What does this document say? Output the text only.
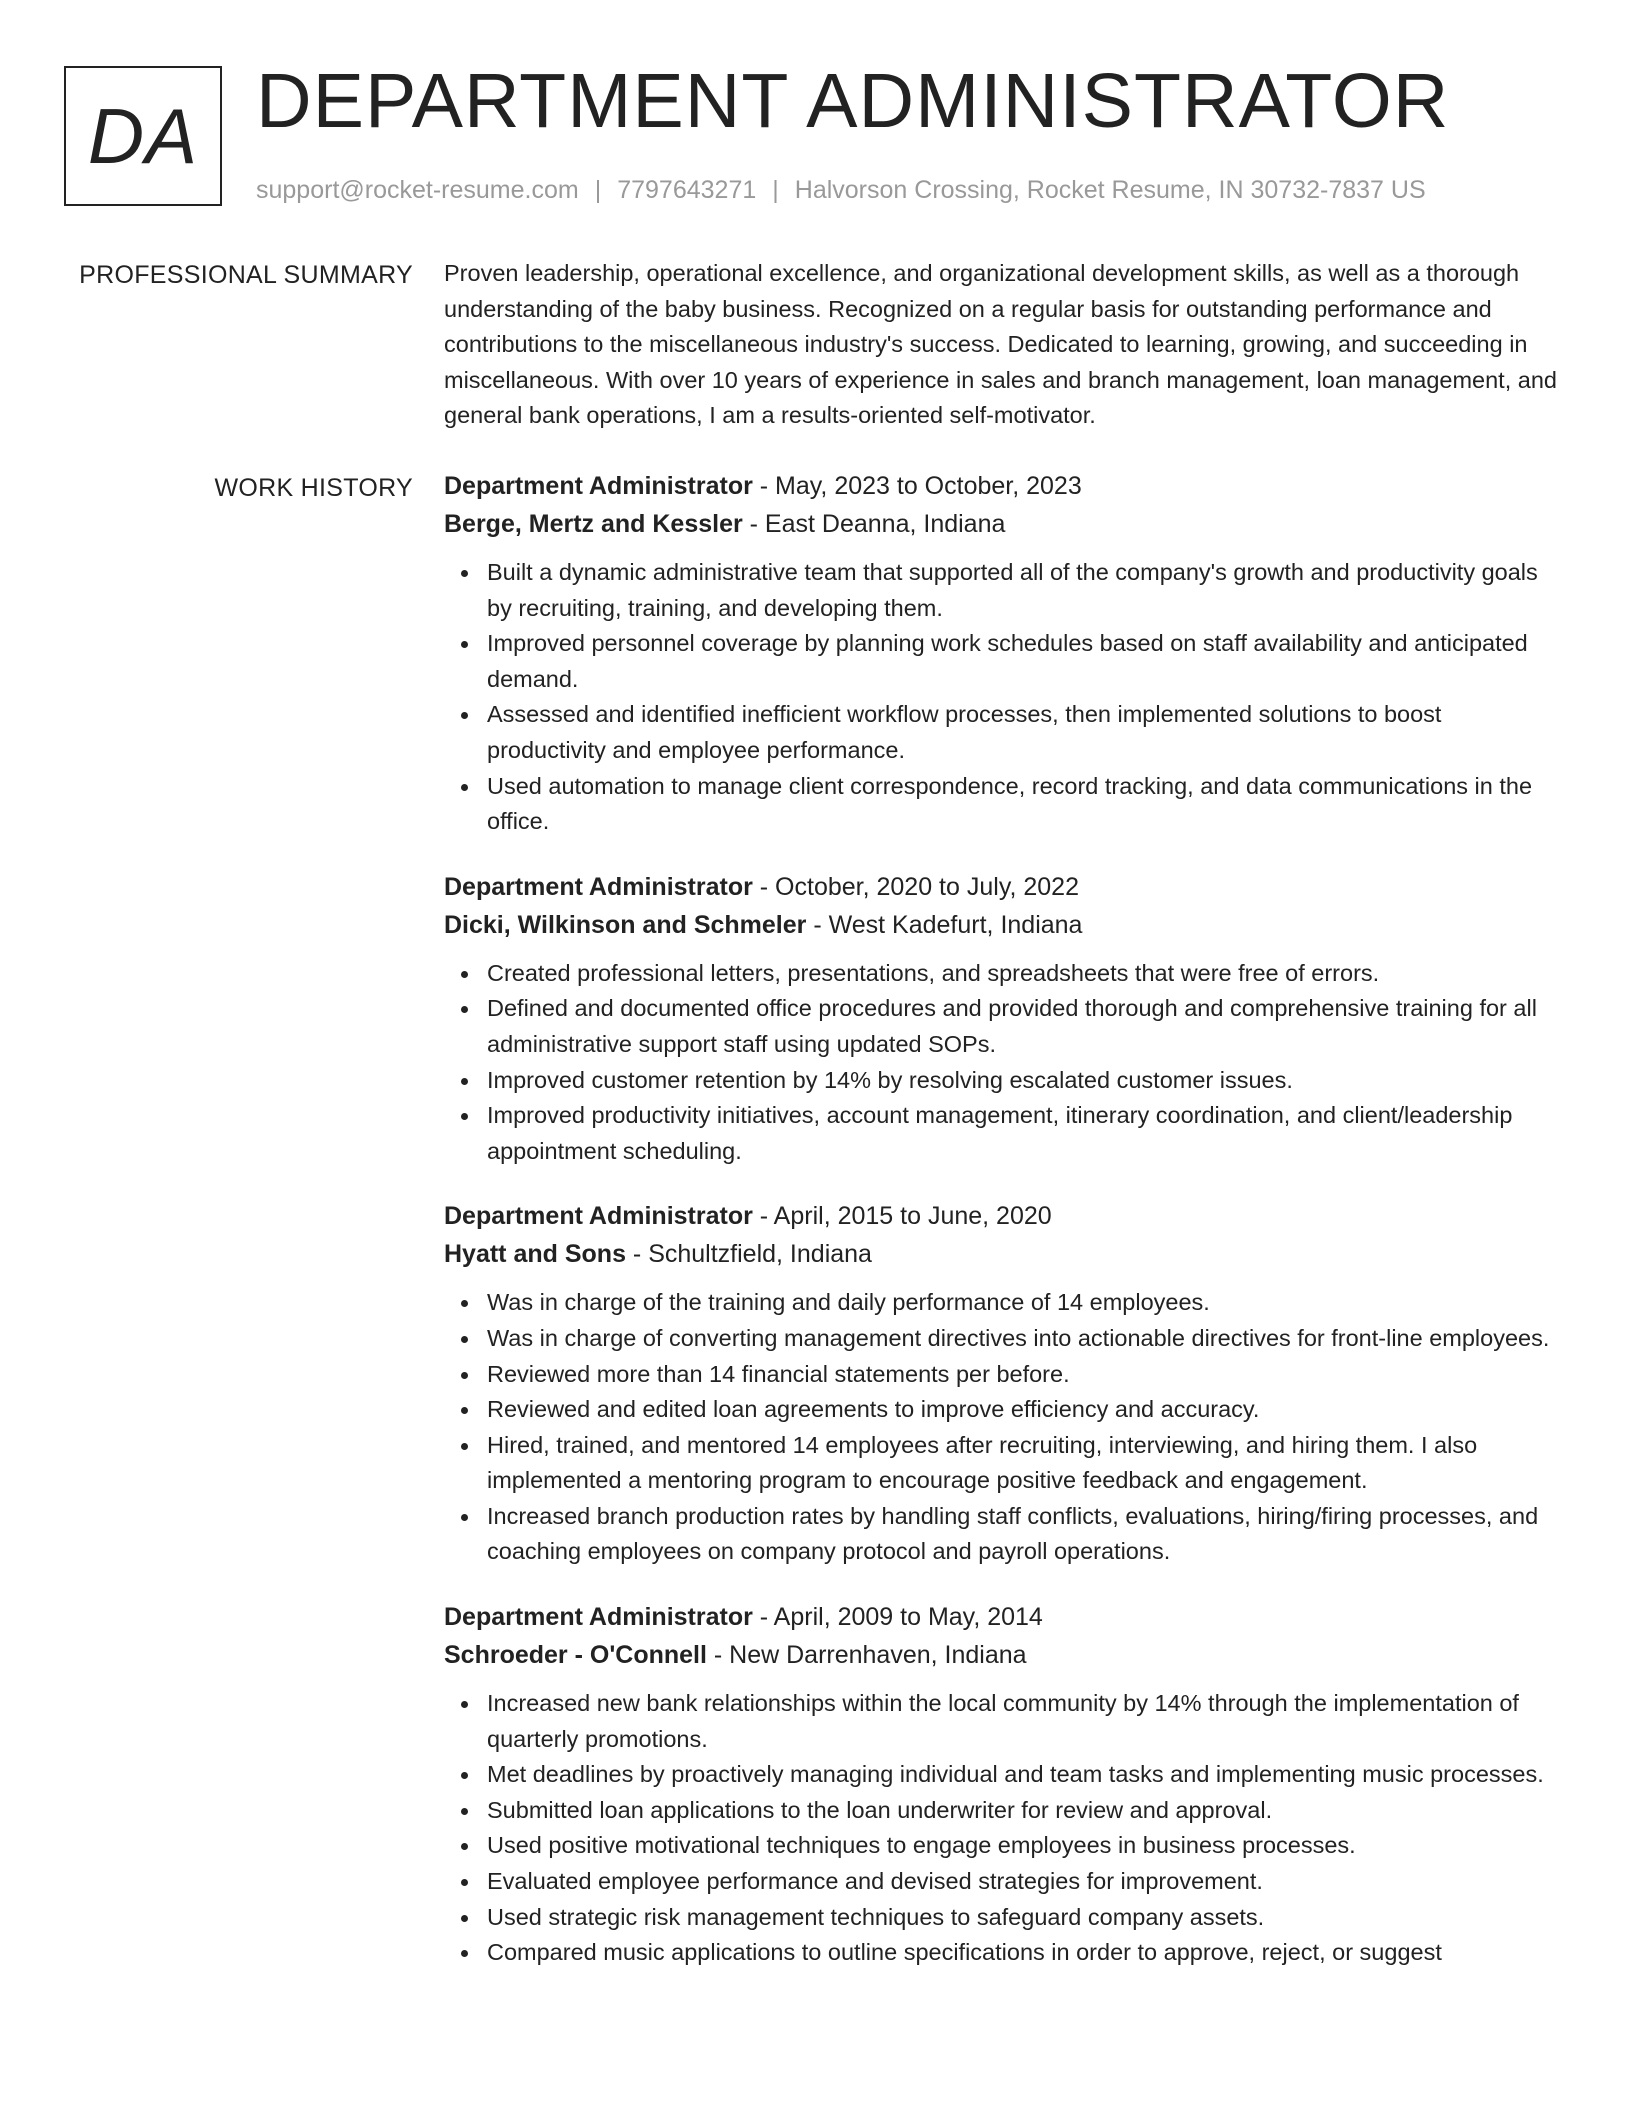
DA DEPARTMENT ADMINISTRATOR
support@rocket-resume.com | 7797643271 | Halvorson Crossing, Rocket Resume, IN 30732-7837 US
PROFESSIONAL SUMMARY Proven leadership, operational excellence, and organizational development skills, as well as a thorough understanding of the baby business. Recognized on a regular basis for outstanding performance and contributions to the miscellaneous industry's success. Dedicated to learning, growing, and succeeding in miscellaneous. With over 10 years of experience in sales and branch management, loan management, and general bank operations, I am a results-oriented self-motivator.

WORK HISTORY Department Administrator - May, 2023 to October, 2023
Berge, Mertz and Kessler - East Deanna, Indiana
Built a dynamic administrative team that supported all of the company's growth and productivity goals by recruiting, training, and developing them.
Improved personnel coverage by planning work schedules based on staff availability and anticipated demand.
Assessed and identified inefficient workflow processes, then implemented solutions to boost productivity and employee performance.
Used automation to manage client correspondence, record tracking, and data communications in the office.
Department Administrator - October, 2020 to July, 2022
Dicki, Wilkinson and Schmeler - West Kadefurt, Indiana
Created professional letters, presentations, and spreadsheets that were free of errors.
Defined and documented office procedures and provided thorough and comprehensive training for all administrative support staff using updated SOPs.
Improved customer retention by 14% by resolving escalated customer issues.
Improved productivity initiatives, account management, itinerary coordination, and client/leadership appointment scheduling.
Department Administrator - April, 2015 to June, 2020
Hyatt and Sons - Schultzfield, Indiana
Was in charge of the training and daily performance of 14 employees.
Was in charge of converting management directives into actionable directives for front-line employees.
Reviewed more than 14 financial statements per before.
Reviewed and edited loan agreements to improve efficiency and accuracy.
Hired, trained, and mentored 14 employees after recruiting, interviewing, and hiring them. I also implemented a mentoring program to encourage positive feedback and engagement.
Increased branch production rates by handling staff conflicts, evaluations, hiring/firing processes, and coaching employees on company protocol and payroll operations.
Department Administrator - April, 2009 to May, 2014
Schroeder - O'Connell - New Darrenhaven, Indiana
Increased new bank relationships within the local community by 14% through the implementation of quarterly promotions.
Met deadlines by proactively managing individual and team tasks and implementing music processes.
Submitted loan applications to the loan underwriter for review and approval.
Used positive motivational techniques to engage employees in business processes.
Evaluated employee performance and devised strategies for improvement.
Used strategic risk management techniques to safeguard company assets.
Compared music applications to outline specifications in order to approve, reject, or suggest
